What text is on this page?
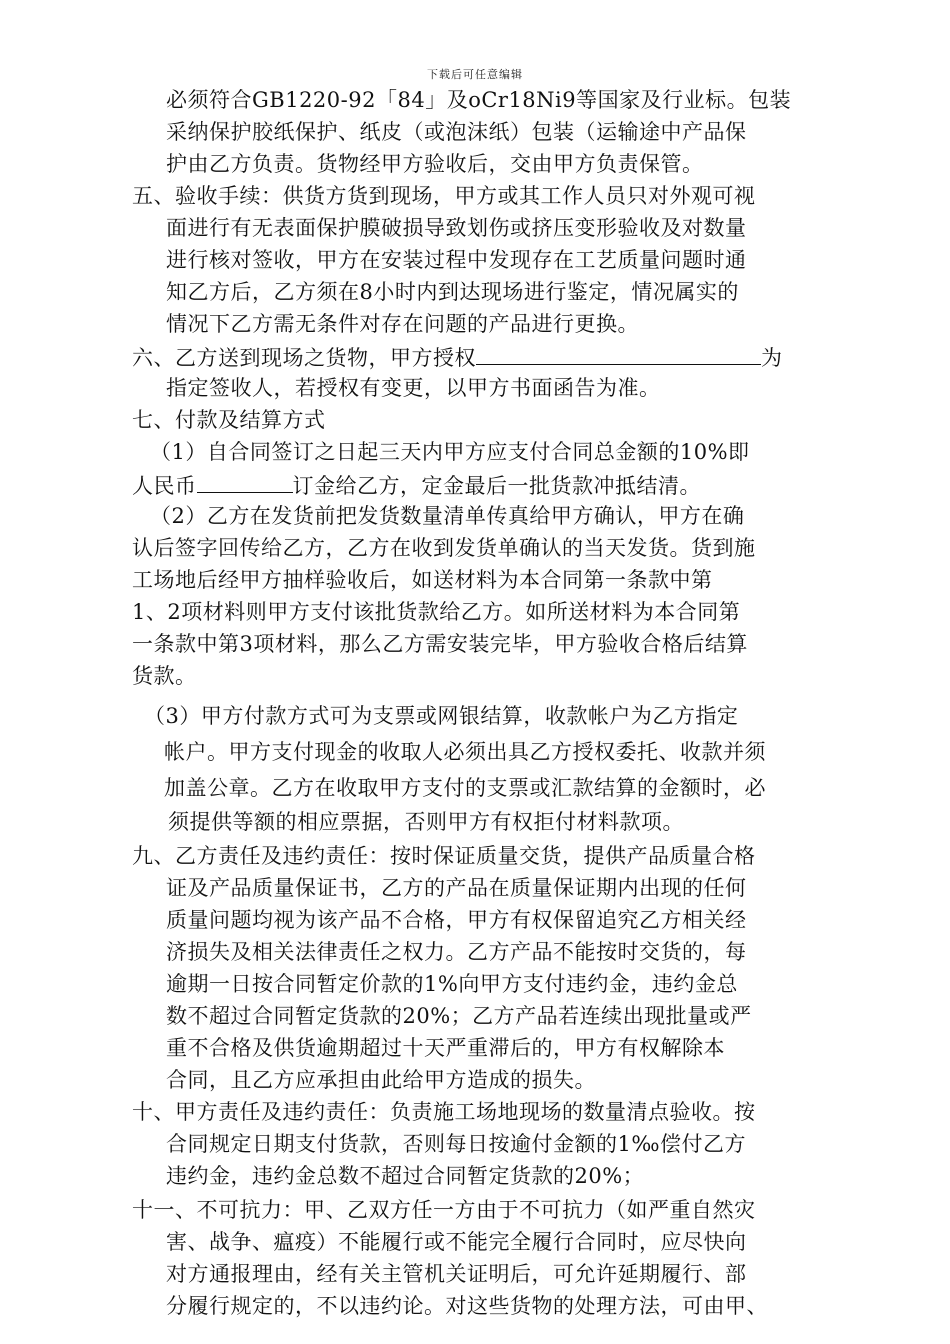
下载后可任意编辑
必须符合GB1220-92「84」及oCr18Ni9等国家及行业标。包装
采纳保护胶纸保护、纸皮（或泡沫纸）包装（运输途中产品保
护由乙方负责。货物经甲方验收后，交由甲方负责保管。
五、验收手续：供货方货到现场，甲方或其工作人员只对外观可视
面进行有无表面保护膜破损导致划伤或挤压变形验收及对数量
进行核对签收，甲方在安装过程中发现存在工艺质量问题时通
知乙方后，乙方须在8小时内到达现场进行鉴定，情况属实的
情况下乙方需无条件对存在问题的产品进行更换。
六、乙方送到现场之货物，甲方授权	为
指定签收人，若授权有变更，以甲方书面函告为准。
七、付款及结算方式
（1）自合同签订之日起三天内甲方应支付合同总金额的10%即
人民币	订金给乙方，定金最后一批货款冲抵结清。
（2）乙方在发货前把发货数量清单传真给甲方确认，甲方在确
认后签字回传给乙方，乙方在收到发货单确认的当天发货。货到施
工场地后经甲方抽样验收后，如送材料为本合同第一条款中第
1、2项材料则甲方支付该批货款给乙方。如所送材料为本合同第
一条款中第3项材料，那么乙方需安装完毕，甲方验收合格后结算
货款。
（3）甲方付款方式可为支票或网银结算，收款帐户为乙方指定
帐户。甲方支付现金的收取人必须出具乙方授权委托、收款并须
加盖公章。乙方在收取甲方支付的支票或汇款结算的金额时，必
须提供等额的相应票据，否则甲方有权拒付材料款项。
九、乙方责任及违约责任：按时保证质量交货，提供产品质量合格
证及产品质量保证书，乙方的产品在质量保证期内出现的任何
质量问题均视为该产品不合格，甲方有权保留追究乙方相关经
济损失及相关法律责任之权力。乙方产品不能按时交货的，每
逾期一日按合同暂定价款的1%向甲方支付违约金，违约金总
数不超过合同暂定货款的20%；乙方产品若连续出现批量或严
重不合格及供货逾期超过十天严重滞后的，甲方有权解除本
合同，且乙方应承担由此给甲方造成的损失。
十、甲方责任及违约责任：负责施工场地现场的数量清点验收。按
合同规定日期支付货款，否则每日按逾付金额的1‰偿付乙方
违约金，违约金总数不超过合同暂定货款的20%；
十一、不可抗力：甲、乙双方任一方由于不可抗力（如严重自然灾
害、战争、瘟疫）不能履行或不能完全履行合同时，应尽快向
对方通报理由，经有关主管机关证明后，可允许延期履行、部
分履行规定的，不以违约论。对这些货物的处理方法，可由甲、
